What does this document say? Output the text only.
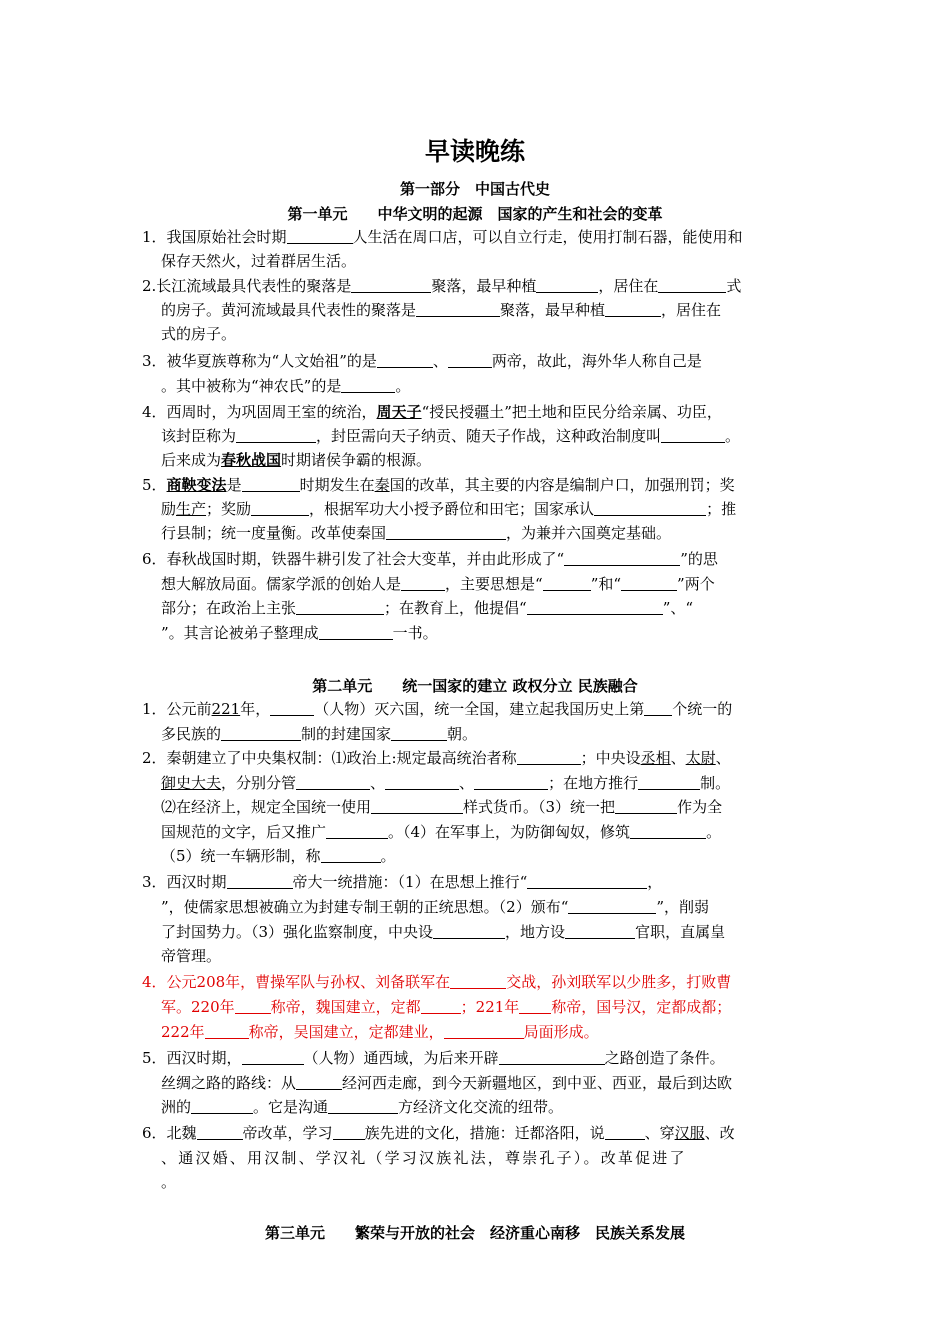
早读晚练
第一部分　中国古代史
第一单元　　中华文明的起源　国家的产生和社会的变革
1．我国原始社会时期	人生活在周口店，可以自立行走，使用打制石器，能使用和
保存天然火，过着群居生活。
2.长江流域最具代表性的聚落是	聚落，最早种植	，居住在	式
的房子。黄河流域最具代表性的聚落是	聚落，最早种植	，居住在
式的房子。
3．被华夏族尊称为“人文始祖”的是	、	两帝，故此，海外华人称自己是
。其中被称为“神农氏”的是	。
4．西周时，为巩固周王室的统治，周天子“授民授疆土”把土地和臣民分给亲属、功臣，
该封臣称为	，封臣需向天子纳贡、随天子作战，这种政治制度叫	。
后来成为春秋战国时期诸侯争霸的根源。
5．商鞅变法是	时期发生在秦国的改革，其主要的内容是编制户口，加强刑罚；奖
励生产；奖励	，根据军功大小授予爵位和田宅；国家承认	；推
行县制；统一度量衡。改革使秦国	，为兼并六国奠定基础。
6．春秋战国时期，铁器牛耕引发了社会大变革，并由此形成了“	”的思
想大解放局面。儒家学派的创始人是	，主要思想是“	”和“	”两个
部分；在政治上主张	；在教育上，他提倡“	”、“
”。其言论被弟子整理成	一书。
第二单元　　统一国家的建立 政权分立 民族融合
1．公元前221年，	（人物）灭六国，统一全国，建立起我国历史上第 个统一的
多民族的	制的封建国家	朝。
2．秦朝建立了中央集权制：⑴政治上:规定最高统治者称	；中央设丞相、太尉、
御史大夫，分别分管	、	、	；在地方推行	制。
⑵在经济上，规定全国统一使用	样式货币。（3）统一把	作为全
国规范的文字，后又推广	。（4）在军事上，为防御匈奴，修筑	。
（5）统一车辆形制，称	。
3．西汉时期	帝大一统措施：（1）在思想上推行“	，
”，使儒家思想被确立为封建专制王朝的正统思想。（2）颁布“	”，削弱
了封国势力。（3）强化监察制度，中央设	，地方设	官职，直属皇
帝管理。
4．公元208年，曹操军队与孙权、刘备联军在	交战，孙刘联军以少胜多，打败曹
军。220年 称帝，魏国建立，定都	；221年 称帝，国号汉，定都成都；
222年	称帝，吴国建立，定都建业，	局面形成。
5．西汉时期，	（人物）通西域，为后来开辟	之路创造了条件。
丝绸之路的路线：从	经河西走廊，到今天新疆地区，到中亚、西亚，最后到达欧
洲的	。它是沟通	方经济文化交流的纽带。
6．北魏	帝改革，学习 族先进的文化，措施：迁都洛阳，说	、穿汉服、改
、通汉婚、用汉制、学汉礼（学习汉族礼法，尊崇孔子）。改革促进了
。
第三单元　　繁荣与开放的社会　经济重心南移　民族关系发展
